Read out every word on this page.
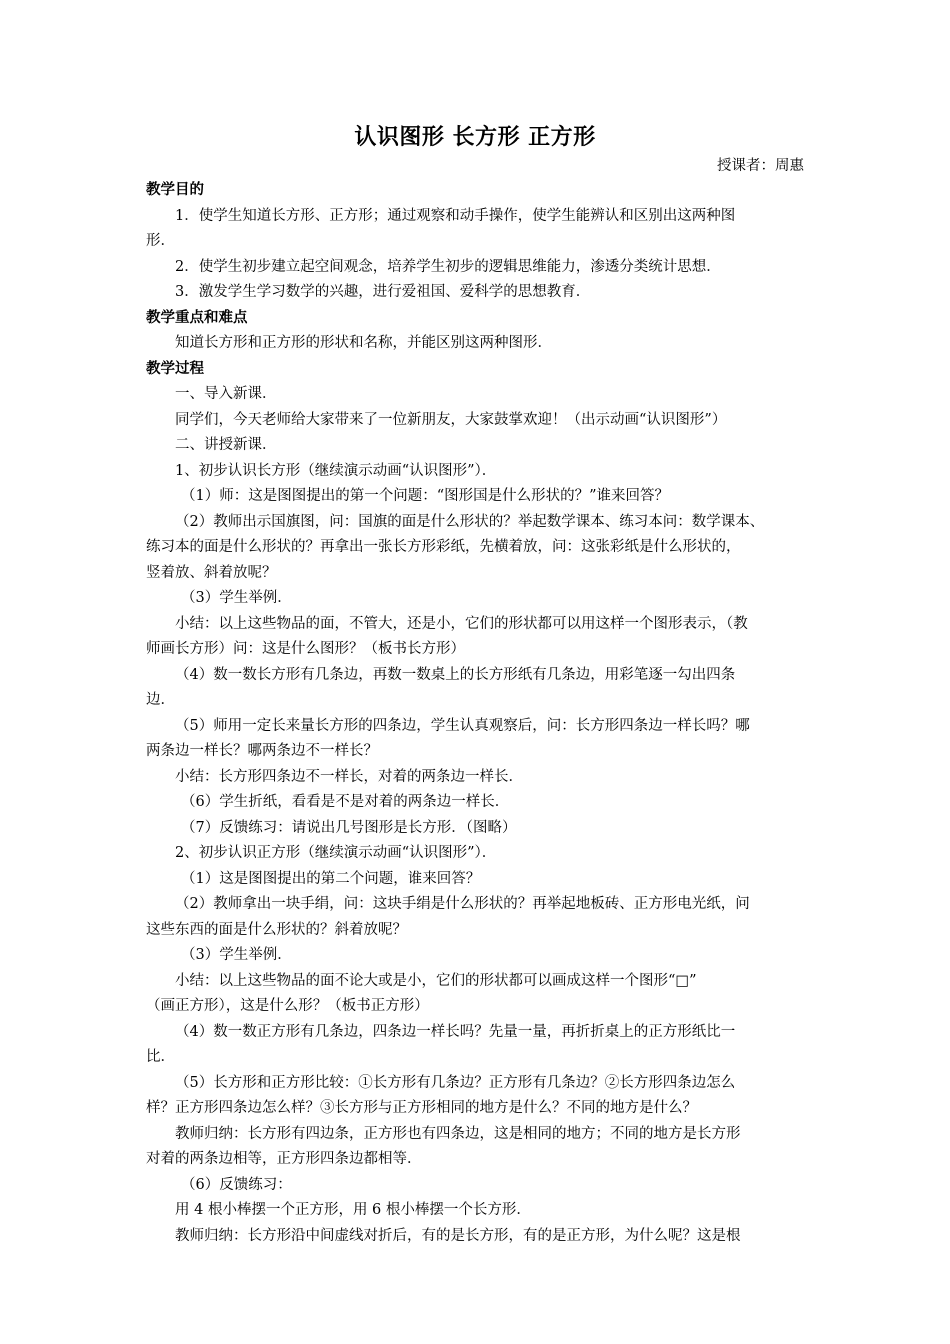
认识图形 长方形 正方形
授课者：周惠
教学目的
1．使学生知道长方形、正方形；通过观察和动手操作，使学生能辨认和区别出这两种图
形．
2．使学生初步建立起空间观念，培养学生初步的逻辑思维能力，渗透分类统计思想．
3．激发学生学习数学的兴趣，进行爱祖国、爱科学的思想教育．
教学重点和难点
知道长方形和正方形的形状和名称，并能区别这两种图形．
教学过程
一、导入新课．
同学们，今天老师给大家带来了一位新朋友，大家鼓掌欢迎！（出示动画“认识图形”）
二、讲授新课．
1、初步认识长方形（继续演示动画“认识图形”）．
（1）师：这是图图提出的第一个问题：“图形国是什么形状的？”谁来回答？
（2）教师出示国旗图，问：国旗的面是什么形状的？举起数学课本、练习本问：数学课本、
练习本的面是什么形状的？再拿出一张长方形彩纸，先横着放，问：这张彩纸是什么形状的，
竖着放、斜着放呢？
（3）学生举例．
小结：以上这些物品的面，不管大，还是小，它们的形状都可以用这样一个图形表示，（教
师画长方形）问：这是什么图形？（板书长方形）
（4）数一数长方形有几条边，再数一数桌上的长方形纸有几条边，用彩笔逐一勾出四条
边．
（5）师用一定长来量长方形的四条边，学生认真观察后，问：长方形四条边一样长吗？哪
两条边一样长？哪两条边不一样长？
小结：长方形四条边不一样长，对着的两条边一样长．
（6）学生折纸，看看是不是对着的两条边一样长．
（7）反馈练习：请说出几号图形是长方形．（图略）
2、初步认识正方形（继续演示动画“认识图形”）．
（1）这是图图提出的第二个问题，谁来回答？
（2）教师拿出一块手绢，问：这块手绢是什么形状的？再举起地板砖、正方形电光纸，问
这些东西的面是什么形状的？斜着放呢？
（3）学生举例．
小结：以上这些物品的面不论大或是小，它们的形状都可以画成这样一个图形“□”
（画正方形），这是什么形？（板书正方形）
（4）数一数正方形有几条边，四条边一样长吗？先量一量，再折折桌上的正方形纸比一
比．
（5）长方形和正方形比较：①长方形有几条边？正方形有几条边？②长方形四条边怎么
样？正方形四条边怎么样？③长方形与正方形相同的地方是什么？不同的地方是什么？
教师归纳：长方形有四边条，正方形也有四条边，这是相同的地方；不同的地方是长方形
对着的两条边相等，正方形四条边都相等．
（6）反馈练习：
用 4 根小棒摆一个正方形，用 6 根小棒摆一个长方形．
教师归纳：长方形沿中间虚线对折后，有的是长方形，有的是正方形，为什么呢？这是根
